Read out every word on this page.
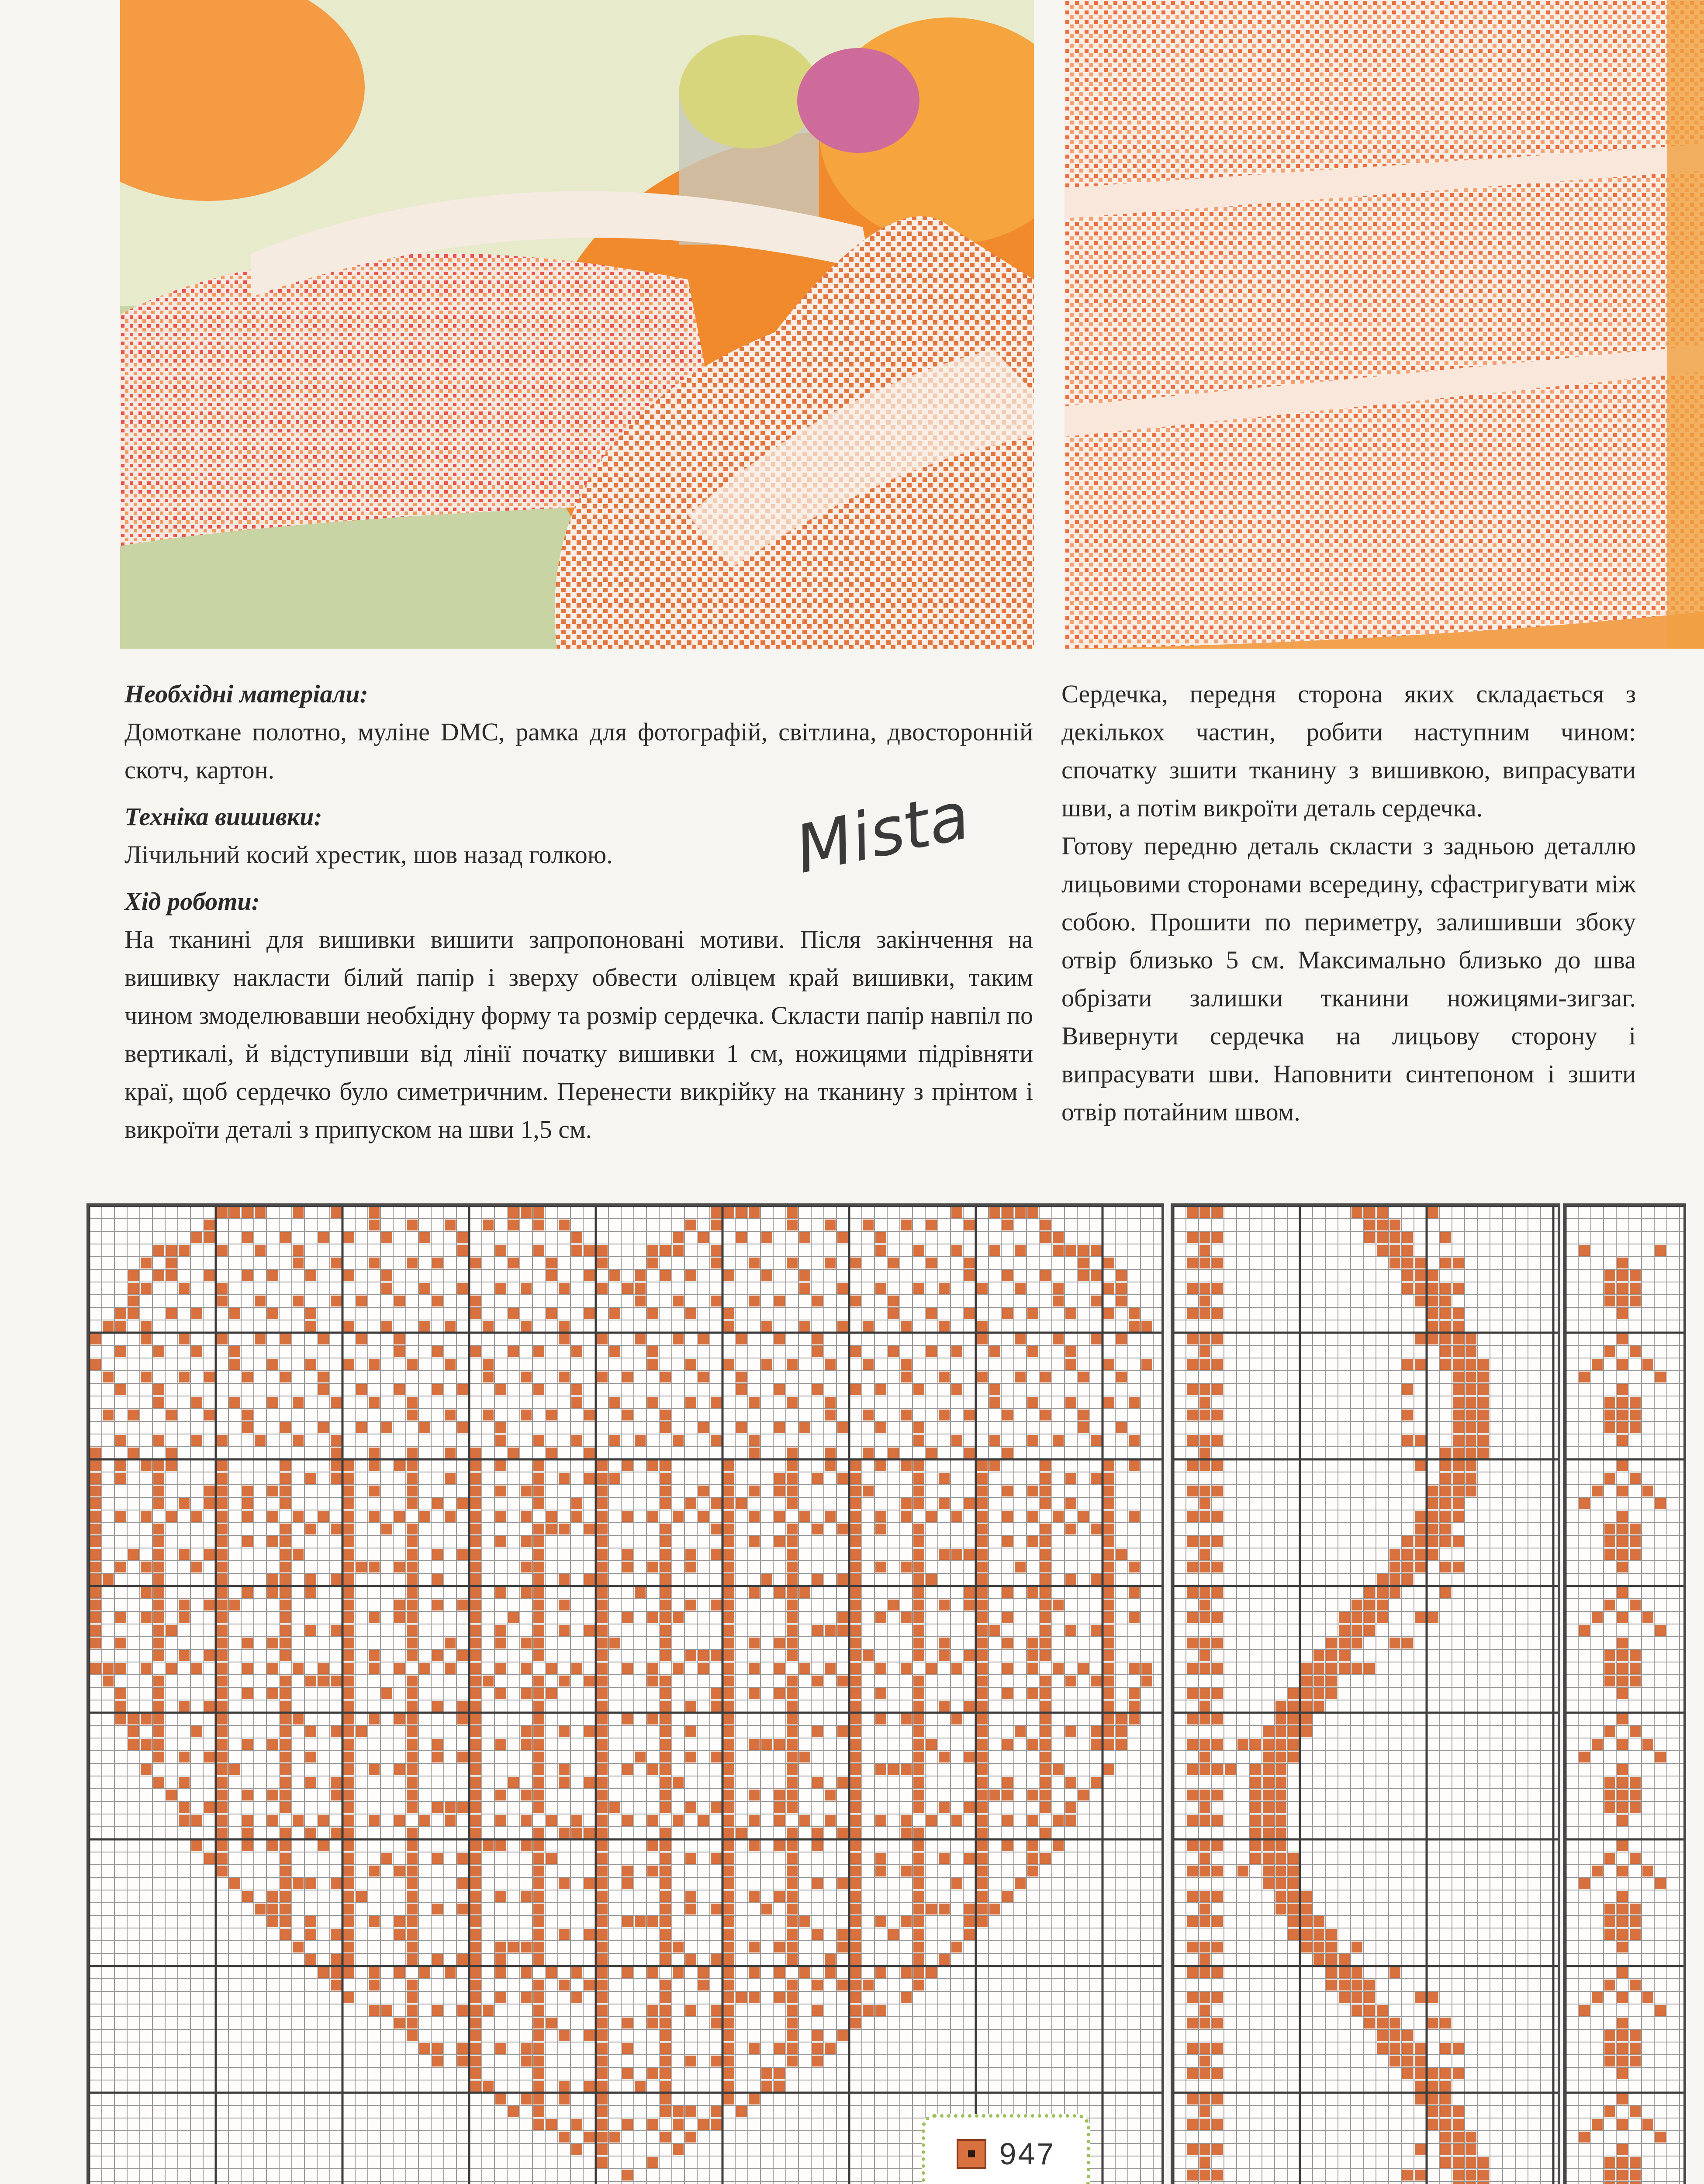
Необхідні матеріали:

Домоткане полотно, муліне DMC, рамка для фотографій, світлина, двосторонній скотч, картон.

Техніка вишивки:

Лічильний косий хрестик, шов назад голкою.

Хід роботи:

На тканині для вишивки вишити запропоновані мотиви. Після закінчення на вишивку накласти білий папір і зверху обвести олівцем край вишивки, таким чином змоделювавши необхідну форму та розмір сердечка. Скласти папір навпіл по вертикалі, й відступивши від лінії початку вишивки 1 см, ножицями підрівняти краї, щоб сердечко було симетричним. Перенести викрійку на тканину з прінтом і викроїти деталі з припуском на шви 1,5 см.

Mista

Сердечка, передня сторона яких складається з декількох частин, робити наступним чином: спочатку зшити тканину з вишивкою, випрасувати шви, а потім викроїти деталь сердечка.

Готову передню деталь скласти з задньою деталлю лицьовими сторонами всередину, сфастригувати між собою. Прошити по периметру, залишивши збоку отвір близько 5 см. Максимально близько до шва обрізати залишки тканини ножицями-зигзаг. Вивернути сердечка на лицьову сторону і випрасувати шви. Наповнити синтепоном і зшити отвір потайним швом.

947
